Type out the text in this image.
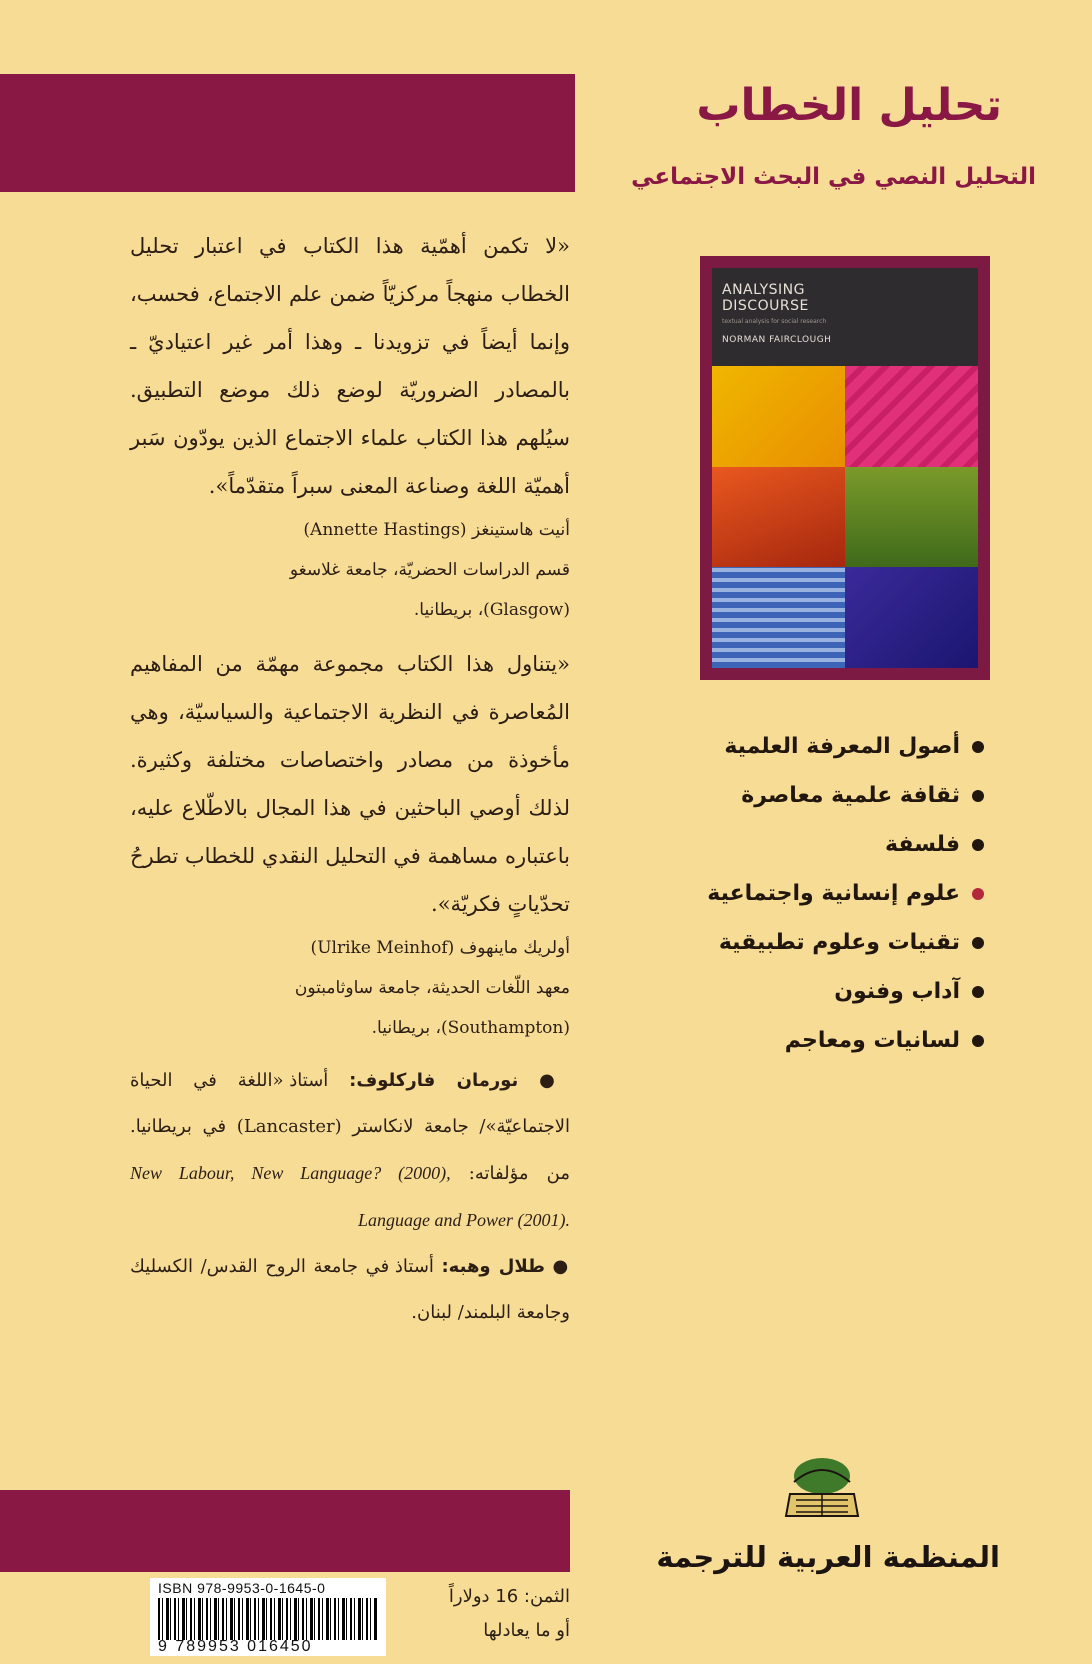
تحليل الخطاب
التحليل النصي في البحث الاجتماعي
ANALYSING
DISCOURSE
textual analysis for social research
NORMAN FAIRCLOUGH
أصول المعرفة العلمية
ثقافة علمية معاصرة
فلسفة
علوم إنسانية واجتماعية
تقنيات وعلوم تطبيقية
آداب وفنون
لسانيات ومعاجم
المنظمة العربية للترجمة

«لا تكمن أهمّية هذا الكتاب في اعتبار تحليل الخطاب منهجاً مركزيّاً ضمن علم الاجتماع، فحسب، وإنما أيضاً في تزويدنا ـ وهذا أمر غير اعتياديّ ـ بالمصادر الضروريّة لوضع ذلك موضع التطبيق. سيُلهم هذا الكتاب علماء الاجتماع الذين يودّون سَبر أهميّة اللغة وصناعة المعنى سبراً متقدّماً».

أنيت هاستينغز (Annette Hastings)

قسم الدراسات الحضريّة، جامعة غلاسغو

(Glasgow)، بريطانيا.

«يتناول هذا الكتاب مجموعة مهمّة من المفاهيم المُعاصرة في النظرية الاجتماعية والسياسيّة، وهي مأخوذة من مصادر واختصاصات مختلفة وكثيرة. لذلك أوصي الباحثين في هذا المجال بالاطّلاع عليه، باعتباره مساهمة في التحليل النقدي للخطاب تطرحُ تحدّياتٍ فكريّة».

أولريك ماينهوف (Ulrike Meinhof)

معهد اللّغات الحديثة، جامعة ساوثامبتون

(Southampton)، بريطانيا.

● نورمان فاركلوف: أستاذ «اللغة في الحياة الاجتماعيّة»/ جامعة لانكاستر (Lancaster) في بريطانيا. من مؤلفاته: New Labour, New Language? (2000), Language and Power (2001).

● طلال وهبه: أستاذ في جامعة الروح القدس/ الكسليك وجامعة البلمند/ لبنان.

ISBN 978-9953-0-1645-0
9 789953 016450

الثمن: 16 دولاراً

أو ما يعادلها
